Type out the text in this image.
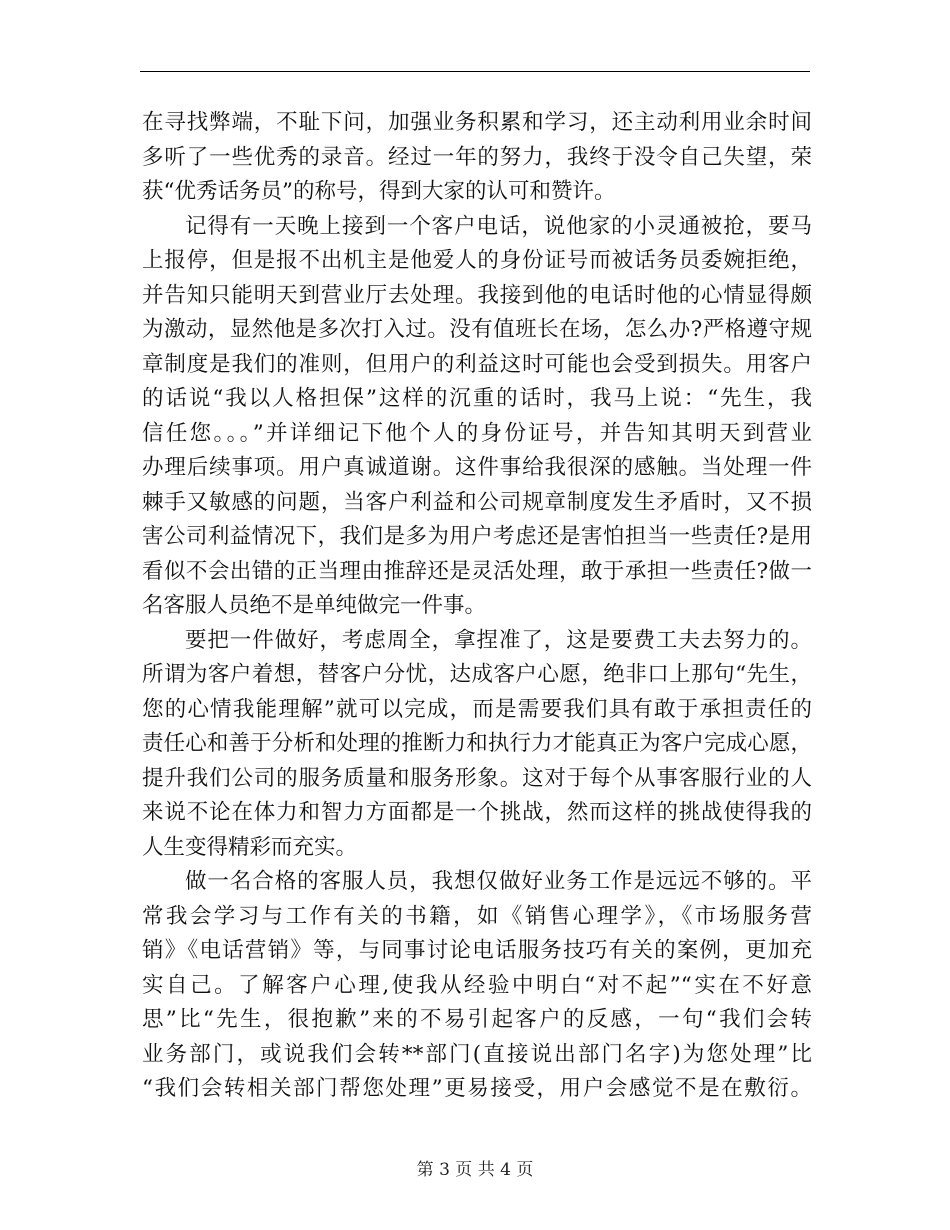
在寻找弊端，不耻下问，加强业务积累和学习，还主动利用业余时间
多听了一些优秀的录音。经过一年的努力，我终于没令自己失望，荣
获“优秀话务员”的称号，得到大家的认可和赞许。
记得有一天晚上接到一个客户电话，说他家的小灵通被抢，要马
上报停，但是报不出机主是他爱人的身份证号而被话务员委婉拒绝，
并告知只能明天到营业厅去处理。我接到他的电话时他的心情显得颇
为激动，显然他是多次打入过。没有值班长在场，怎么办?严格遵守规
章制度是我们的准则，但用户的利益这时可能也会受到损失。用客户
的话说“我以人格担保”这样的沉重的话时，我马上说：“先生，我
信任您。。。”并详细记下他个人的身份证号，并告知其明天到营业
办理后续事项。用户真诚道谢。这件事给我很深的感触。当处理一件
棘手又敏感的问题，当客户利益和公司规章制度发生矛盾时，又不损
害公司利益情况下，我们是多为用户考虑还是害怕担当一些责任?是用
看似不会出错的正当理由推辞还是灵活处理，敢于承担一些责任?做一
名客服人员绝不是单纯做完一件事。
要把一件做好，考虑周全，拿捏准了，这是要费工夫去努力的。
所谓为客户着想，替客户分忧，达成客户心愿，绝非口上那句“先生，
您的心情我能理解”就可以完成，而是需要我们具有敢于承担责任的
责任心和善于分析和处理的推断力和执行力才能真正为客户完成心愿，
提升我们公司的服务质量和服务形象。这对于每个从事客服行业的人
来说不论在体力和智力方面都是一个挑战，然而这样的挑战使得我的
人生变得精彩而充实。
做一名合格的客服人员，我想仅做好业务工作是远远不够的。平
常我会学习与工作有关的书籍，如《销售心理学》，《市场服务营
销》《电话营销》等，与同事讨论电话服务技巧有关的案例，更加充
实自己。了解客户心理,使我从经验中明白“对不起”“实在不好意
思”比“先生，很抱歉”来的不易引起客户的反感，一句“我们会转
业务部门，或说我们会转**部门(直接说出部门名字)为您处理”比
“我们会转相关部门帮您处理”更易接受，用户会感觉不是在敷衍。
第 3 页 共 4 页
